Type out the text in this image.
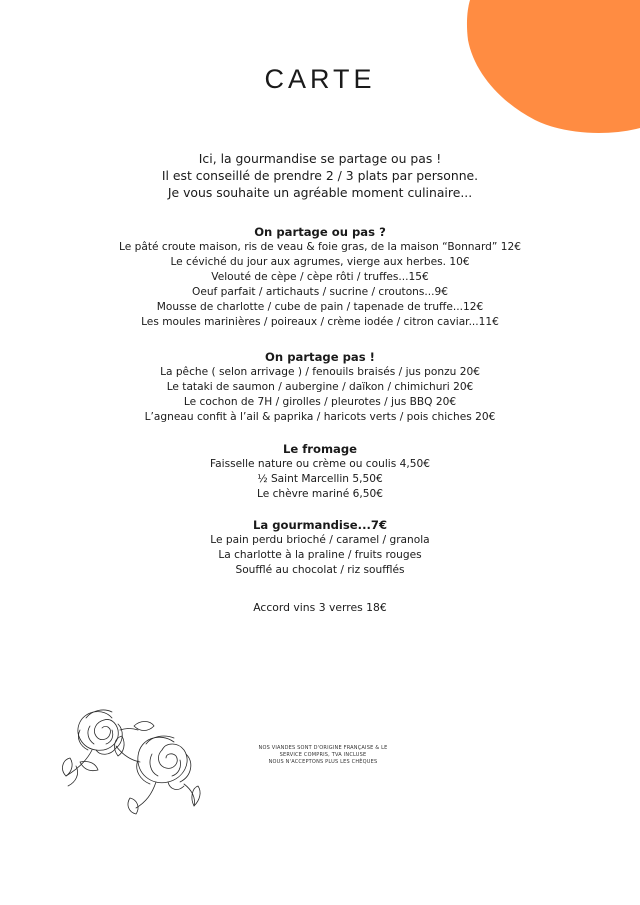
CARTE
Ici, la gourmandise se partage ou pas !
Il est conseillé de prendre 2 / 3 plats par personne.
Je vous souhaite un agréable moment culinaire...
On partage ou pas ?
Le pâté croute maison, ris de veau & foie gras, de la maison “Bonnard” 12€
Le céviché du jour aux agrumes, vierge aux herbes. 10€
Velouté de cèpe / cèpe rôti / truffes...15€
Oeuf parfait / artichauts / sucrine / croutons...9€
Mousse de charlotte / cube de pain / tapenade de truffe...12€
Les moules marinières / poireaux / crème iodée / citron caviar...11€
On partage pas !
La pêche ( selon arrivage ) / fenouils braisés / jus ponzu 20€
Le tataki de saumon / aubergine / daïkon / chimichuri 20€
Le cochon de 7H / girolles / pleurotes / jus BBQ 20€
L’agneau confit à l’ail & paprika / haricots verts / pois chiches 20€
Le fromage
Faisselle nature ou crème ou coulis 4,50€
½ Saint Marcellin 5,50€
Le chèvre mariné 6,50€
La gourmandise...7€
Le pain perdu brioché / caramel / granola
La charlotte à la praline / fruits rouges
Soufflé au chocolat / riz soufflés
Accord vins 3 verres 18€
NOS VIANDES SONT D'ORIGINE FRANÇAISE & LE
SERVICE COMPRIS, TVA INCLUSE
NOUS N'ACCEPTONS PLUS LES CHÈQUES
